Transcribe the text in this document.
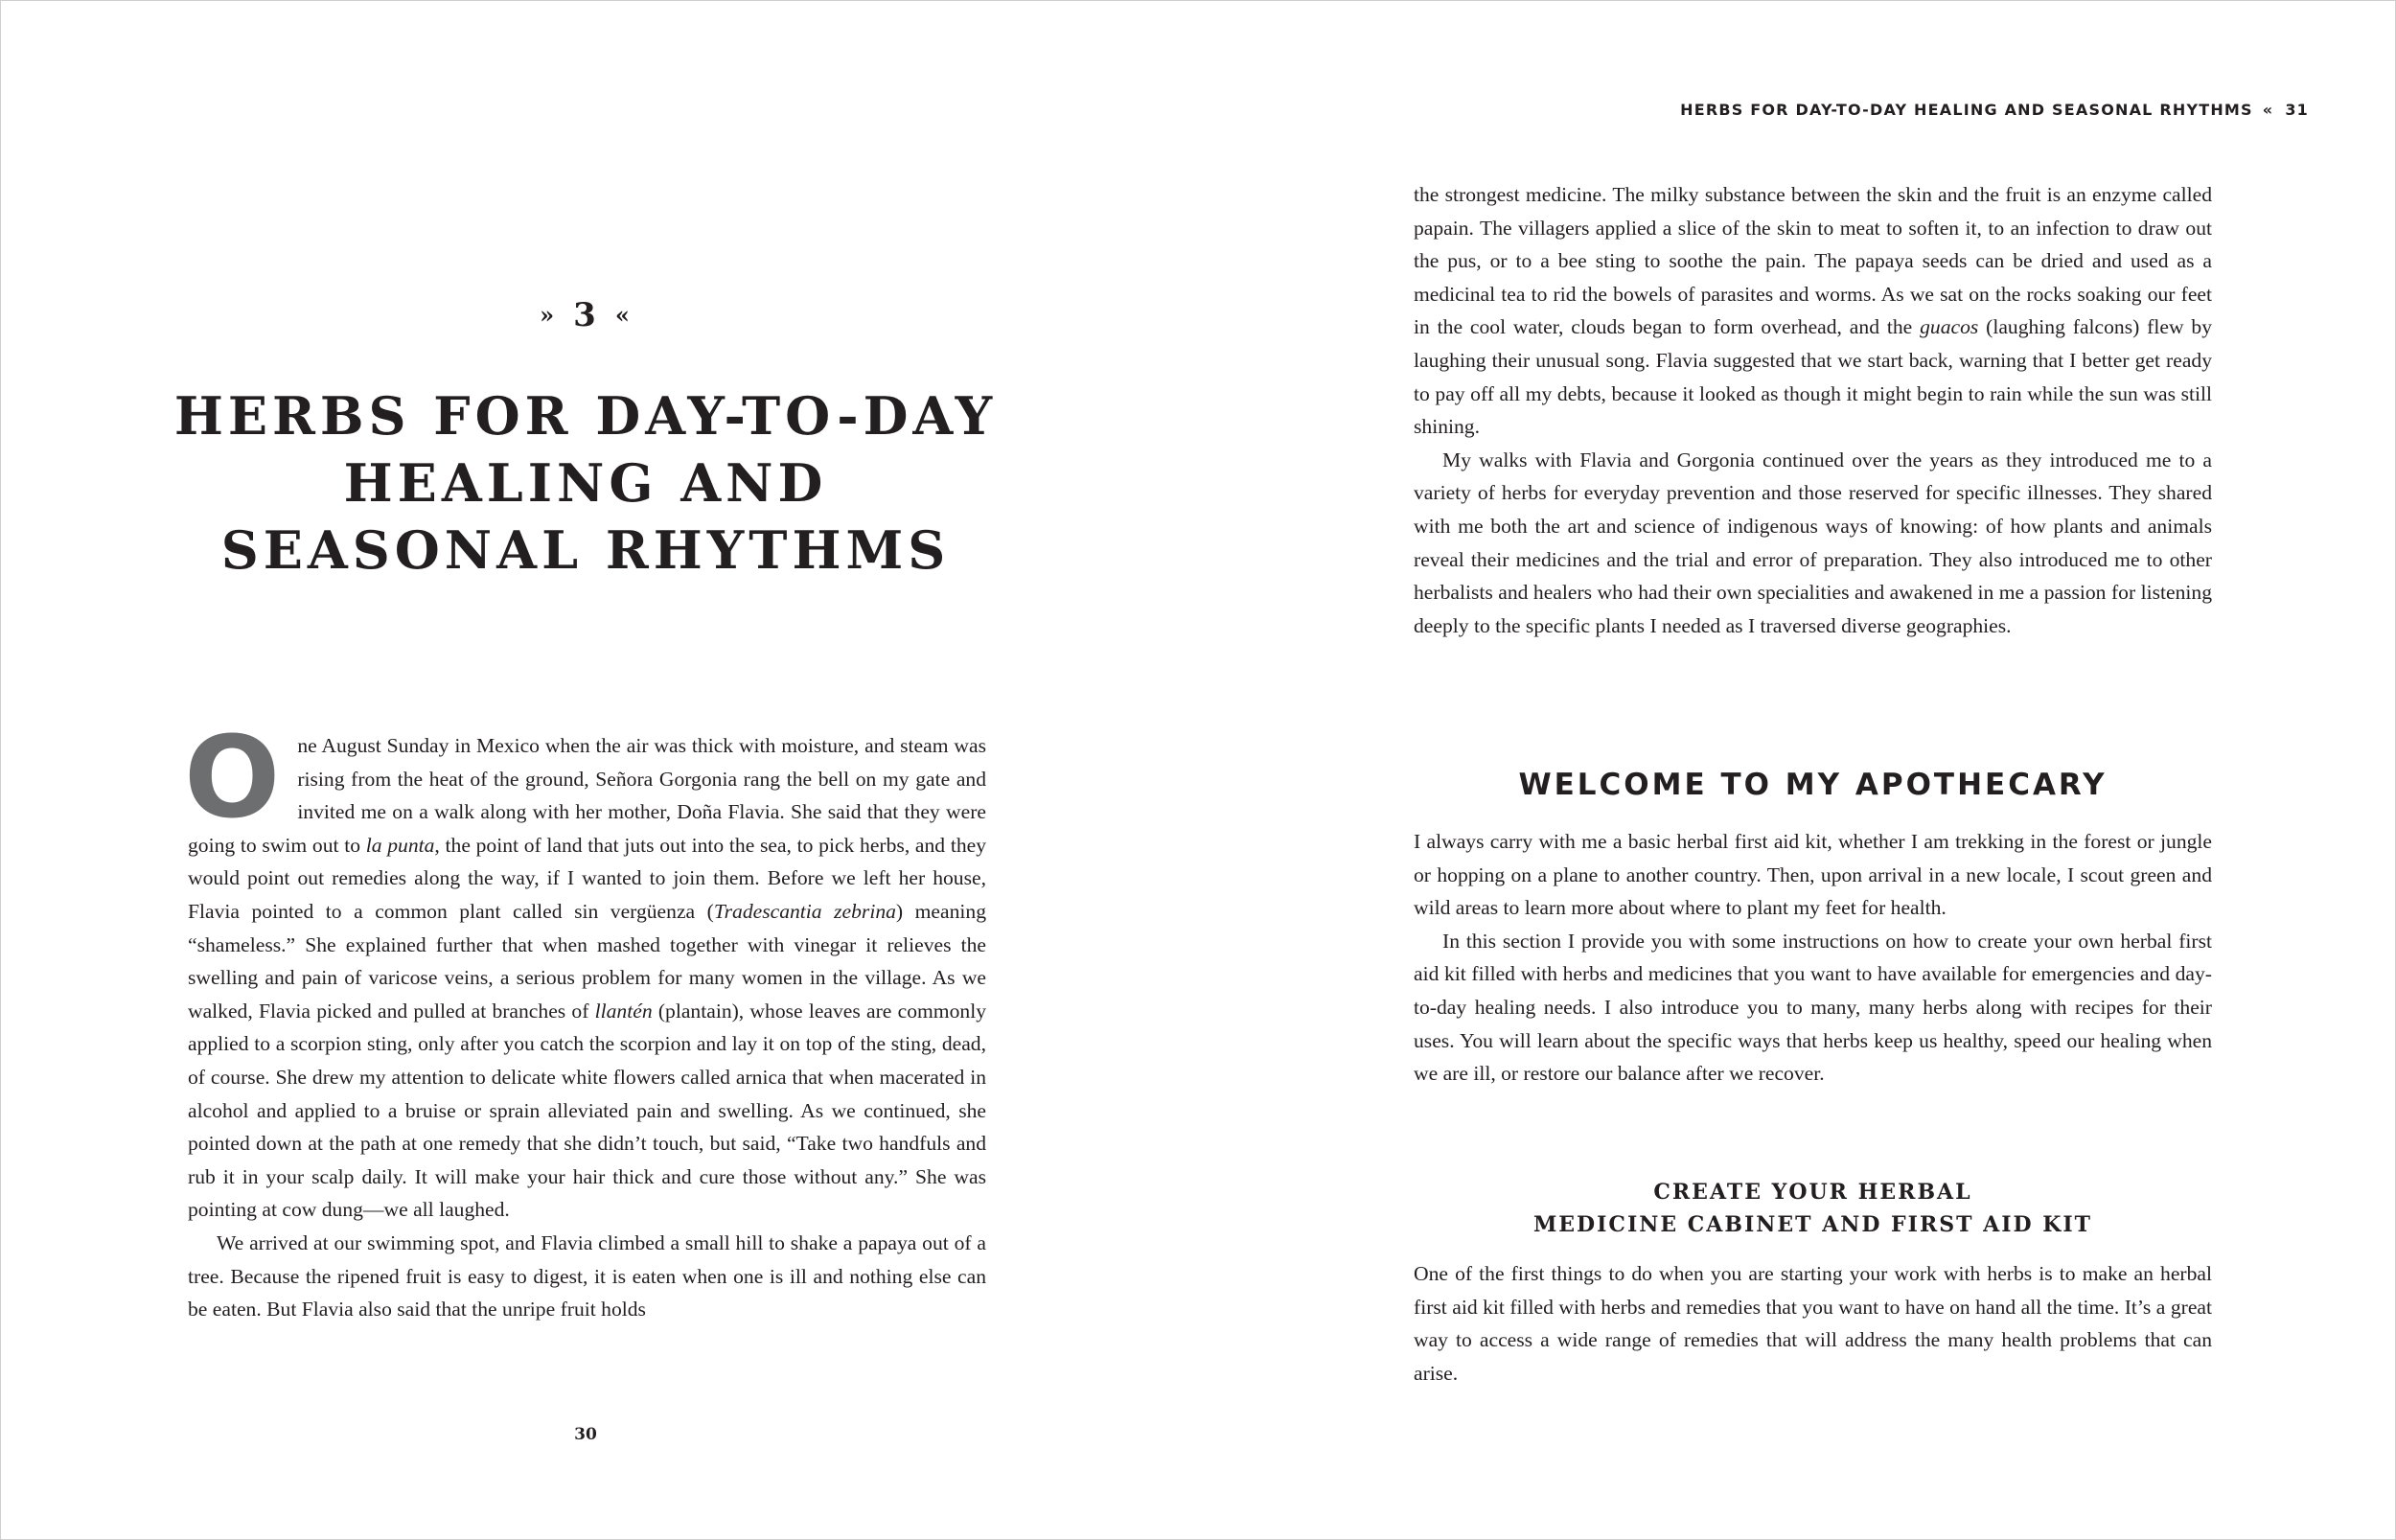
» 3 «
HERBS FOR DAY-TO-DAY
HEALING AND
SEASONAL RHYTHMS

One August Sunday in Mexico when the air was thick with moisture, and steam was rising from the heat of the ground, Señora Gorgonia rang the bell on my gate and invited me on a walk along with her mother, Doña Flavia. She said that they were going to swim out to la punta, the point of land that juts out into the sea, to pick herbs, and they would point out remedies along the way, if I wanted to join them. Before we left her house, Flavia pointed to a common plant called sin vergüenza (Tradescantia zebrina) meaning “shameless.” She explained further that when mashed together with vinegar it relieves the swelling and pain of varicose veins, a serious problem for many women in the village. As we walked, Flavia picked and pulled at branches of llantén (plantain), whose leaves are commonly applied to a scorpion sting, only after you catch the scorpion and lay it on top of the sting, dead, of course. She drew my attention to delicate white flowers called arnica that when macerated in alcohol and applied to a bruise or sprain alleviated pain and swelling. As we continued, she pointed down at the path at one remedy that she didn’t touch, but said, “Take two handfuls and rub it in your scalp daily. It will make your hair thick and cure those without any.” She was pointing at cow dung—we all laughed.

We arrived at our swimming spot, and Flavia climbed a small hill to shake a papaya out of a tree. Because the ripened fruit is easy to digest, it is eaten when one is ill and nothing else can be eaten. But Flavia also said that the unripe fruit holds

30
HERBS FOR DAY-TO-DAY HEALING AND SEASONAL RHYTHMS « 31

the strongest medicine. The milky substance between the skin and the fruit is an enzyme called papain. The villagers applied a slice of the skin to meat to soften it, to an infection to draw out the pus, or to a bee sting to soothe the pain. The papaya seeds can be dried and used as a medicinal tea to rid the bowels of parasites and worms. As we sat on the rocks soaking our feet in the cool water, clouds began to form overhead, and the guacos (laughing falcons) flew by laughing their unusual song. Flavia suggested that we start back, warning that I better get ready to pay off all my debts, because it looked as though it might begin to rain while the sun was still shining.

My walks with Flavia and Gorgonia continued over the years as they introduced me to a variety of herbs for everyday prevention and those reserved for specific illnesses. They shared with me both the art and science of indigenous ways of knowing: of how plants and animals reveal their medicines and the trial and error of preparation. They also introduced me to other herbalists and healers who had their own specialities and awakened in me a passion for listening deeply to the specific plants I needed as I traversed diverse geographies.

WELCOME TO MY APOTHECARY

I always carry with me a basic herbal first aid kit, whether I am trekking in the forest or jungle or hopping on a plane to another country. Then, upon arrival in a new locale, I scout green and wild areas to learn more about where to plant my feet for health.

In this section I provide you with some instructions on how to create your own herbal first aid kit filled with herbs and medicines that you want to have available for emergencies and day-to-day healing needs. I also introduce you to many, many herbs along with recipes for their uses. You will learn about the specific ways that herbs keep us healthy, speed our healing when we are ill, or restore our balance after we recover.

CREATE YOUR HERBAL
MEDICINE CABINET AND FIRST AID KIT

One of the first things to do when you are starting your work with herbs is to make an herbal first aid kit filled with herbs and remedies that you want to have on hand all the time. It’s a great way to access a wide range of remedies that will address the many health problems that can arise.
